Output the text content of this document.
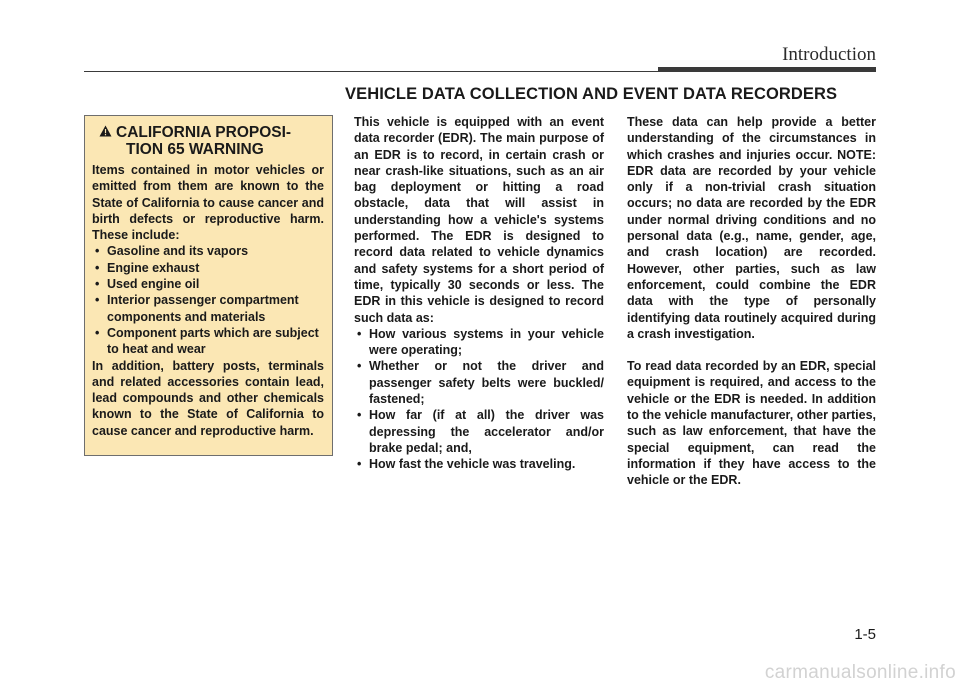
Introduction
VEHICLE DATA COLLECTION AND EVENT DATA RECORDERS
CALIFORNIA PROPOSI-
TION 65 WARNING
Items contained in motor vehicles or emitted from them are known to the State of California to cause cancer and birth defects or reproductive harm. These include:
• Gasoline and its vapors
• Engine exhaust
• Used engine oil
• Interior passenger compartment components and materials
• Component parts which are subject to heat and wear
In addition, battery posts, terminals and related accessories contain lead, lead compounds and other chemicals known to the State of California to cause cancer and reproductive harm.
This vehicle is equipped with an event data recorder (EDR). The main purpose of an EDR is to record, in certain crash or near crash-like situations, such as an air bag deployment or hitting a road obstacle, data that will assist in understanding how a vehicle's systems performed. The EDR is designed to record data related to vehicle dynamics and safety systems for a short period of time, typically 30 seconds or less. The EDR in this vehicle is designed to record such data as:
• How various systems in your vehicle were operating;
• Whether or not the driver and passenger safety belts were buckled/ fastened;
• How far (if at all) the driver was depressing the accelerator and/or brake pedal; and,
• How fast the vehicle was traveling.

These data can help provide a better understanding of the circumstances in which crashes and injuries occur. NOTE: EDR data are recorded by your vehicle only if a non-trivial crash situation occurs; no data are recorded by the EDR under normal driving conditions and no personal data (e.g., name, gender, age, and crash location) are recorded. However, other parties, such as law enforcement, could combine the EDR data with the type of personally identifying data routinely acquired during a crash investigation.

To read data recorded by an EDR, special equipment is required, and access to the vehicle or the EDR is needed. In addition to the vehicle manufacturer, other parties, such as law enforcement, that have the special equipment, can read the information if they have access to the vehicle or the EDR.

1-5
carmanualsonline.info
